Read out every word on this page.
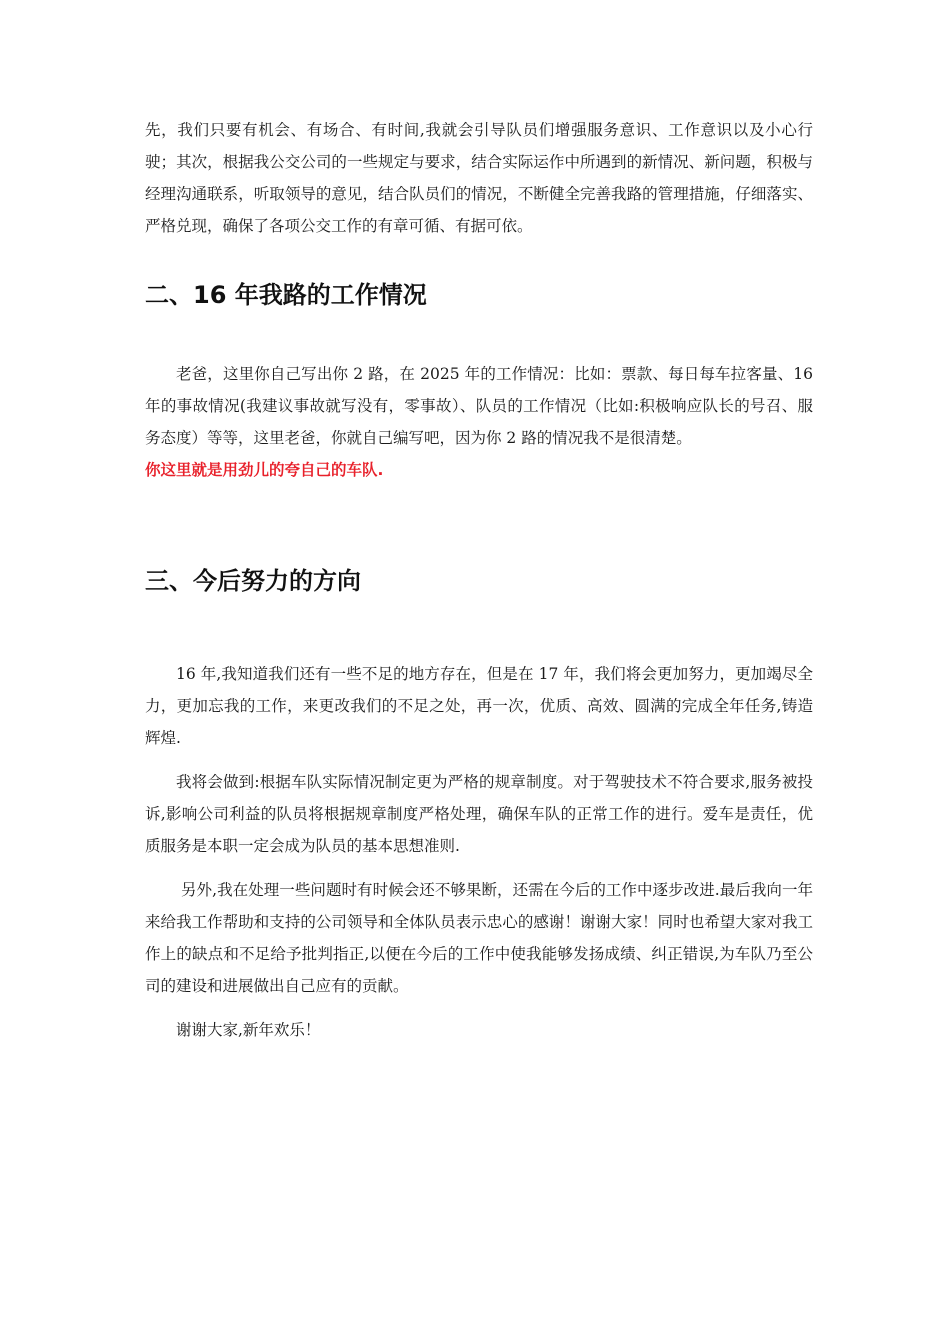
先，我们只要有机会、有场合、有时间,我就会引导队员们增强服务意识、工作意识以及小心行驶；其次，根据我公交公司的一些规定与要求，结合实际运作中所遇到的新情况、新问题，积极与经理沟通联系，听取领导的意见，结合队员们的情况，不断健全完善我路的管理措施，仔细落实、严格兑现，确保了各项公交工作的有章可循、有据可依。

二、16 年我路的工作情况

老爸，这里你自己写出你 2 路，在 2025 年的工作情况：比如：票款、每日每车拉客量、16 年的事故情况(我建议事故就写没有，零事故）、队员的工作情况（比如:积极响应队长的号召、服务态度）等等，这里老爸，你就自己编写吧，因为你 2 路的情况我不是很清楚。
你这里就是用劲儿的夸自己的车队.

三、今后努力的方向

16 年,我知道我们还有一些不足的地方存在，但是在 17 年，我们将会更加努力，更加竭尽全力，更加忘我的工作，来更改我们的不足之处，再一次，优质、高效、圆满的完成全年任务,铸造辉煌.

我将会做到:根据车队实际情况制定更为严格的规章制度。对于驾驶技术不符合要求,服务被投诉,影响公司利益的队员将根据规章制度严格处理，确保车队的正常工作的进行。爱车是责任，优质服务是本职一定会成为队员的基本思想准则.

另外,我在处理一些问题时有时候会还不够果断，还需在今后的工作中逐步改进.最后我向一年来给我工作帮助和支持的公司领导和全体队员表示忠心的感谢！谢谢大家！同时也希望大家对我工作上的缺点和不足给予批判指正,以便在今后的工作中使我能够发扬成绩、纠正错误,为车队乃至公司的建设和进展做出自己应有的贡献。

谢谢大家,新年欢乐！
